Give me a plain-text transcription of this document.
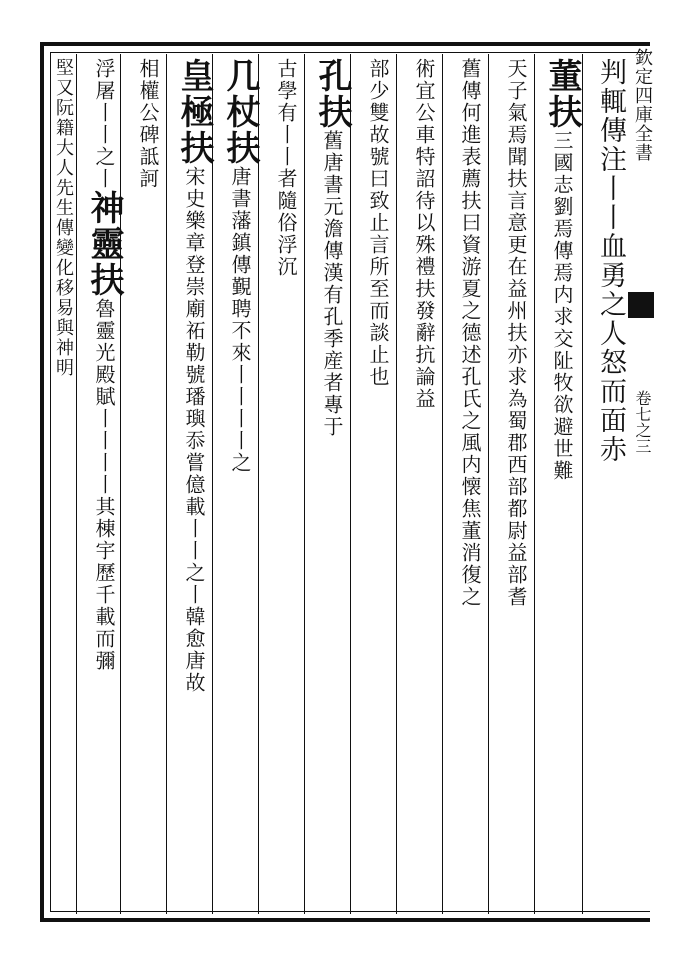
欽定四庫全書
卷七之三
判輒傳注丨丨血勇之人怒而面赤
董扶三國志劉焉傳焉内求交阯牧欲避世難
天子氣焉聞扶言意更在益州扶亦求為蜀郡西部都尉益部耆
舊傳何進表薦扶曰資游夏之德述孔氏之風内懐焦董消復之
術宜公車特詔待以殊禮扶發辭抗論益
部少雙故號曰致止言所至而談止也
孔扶舊唐書元澹傳漢有孔季産者專于
古學有丨丨者隨俗浮沉
几杖扶唐書藩鎮傳覲聘不來丨丨丨丨之
皇極扶宋史樂章登崇廟祏勒號璠璵忝嘗億載丨丨之丨韓愈唐故
相權公碑詆訶
浮屠丨丨之丨神靈扶魯靈光殿賦丨丨丨丨其棟宇歷千載而彌
堅又阮籍大人先生傳變化移易與神明
